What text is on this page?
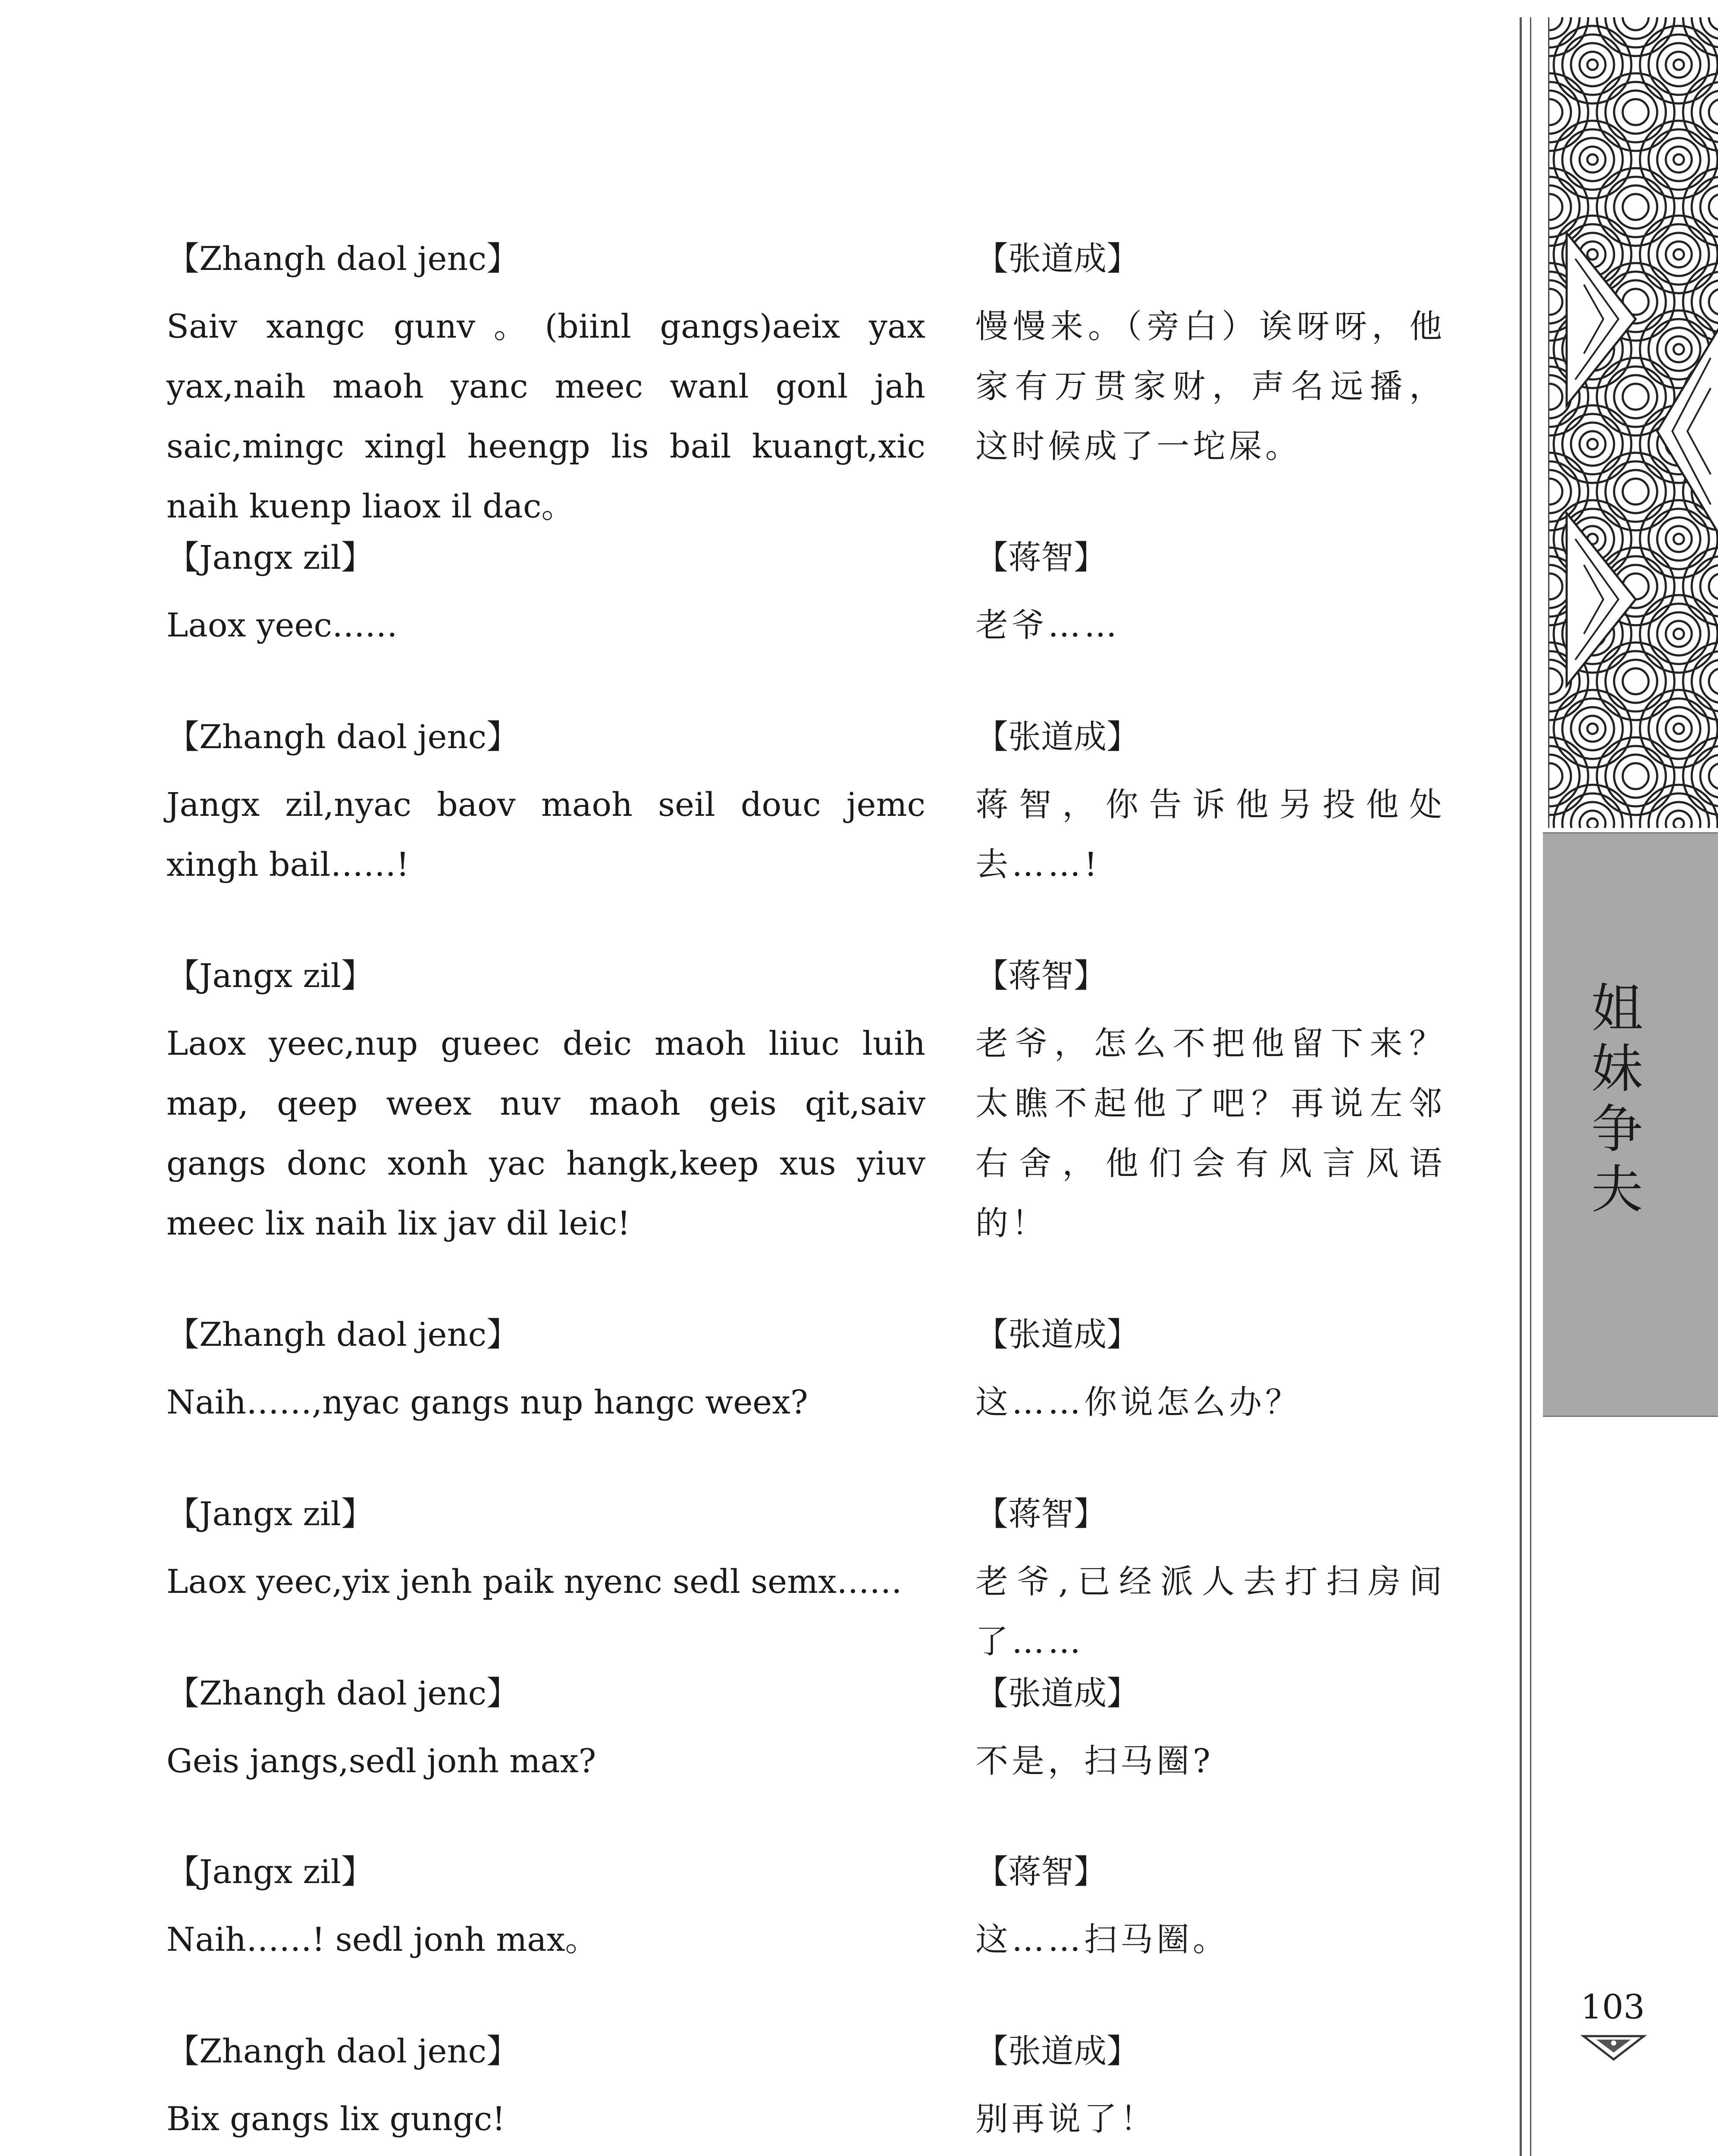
【Zhangh daol jenc】
Saiv xangc gunv。(biinl gangs)aeix yax yax,naih maoh yanc meec wanl gonl jah saic,mingc xingl heengp lis bail kuangt,xic naih kuenp liaox il dac。
【Jangx zil】
Laox yeec……
【Zhangh daol jenc】
Jangx zil,nyac baov maoh seil douc jemc xingh bail……!
【Jangx zil】
Laox yeec,nup gueec deic maoh liiuc luih map, qeep weex nuv maoh geis qit,saiv gangs donc xonh yac hangk,keep xus yiuv meec lix naih lix jav dil leic!
【Zhangh daol jenc】
Naih……,nyac gangs nup hangc weex?
【Jangx zil】
Laox yeec,yix jenh paik nyenc sedl semx……
【Zhangh daol jenc】
Geis jangs,sedl jonh max?
【Jangx zil】
Naih……! sedl jonh max。
【Zhangh daol jenc】
Bix gangs lix gungc!
【张道成】
慢慢来。（旁白）诶呀呀，他家有万贯家财，声名远播，这时候成了一坨屎。
【蒋智】
老爷……
【张道成】
蒋智，你告诉他另投他处去……!
【蒋智】
老爷，怎么不把他留下来？太瞧不起他了吧？再说左邻右舍，他们会有风言风语的！
【张道成】
这……你说怎么办？
【蒋智】
老爷,已经派人去打扫房间了……
【张道成】
不是，扫马圈?
【蒋智】
这……扫马圈。
【张道成】
别再说了！
姐妹争夫
103
